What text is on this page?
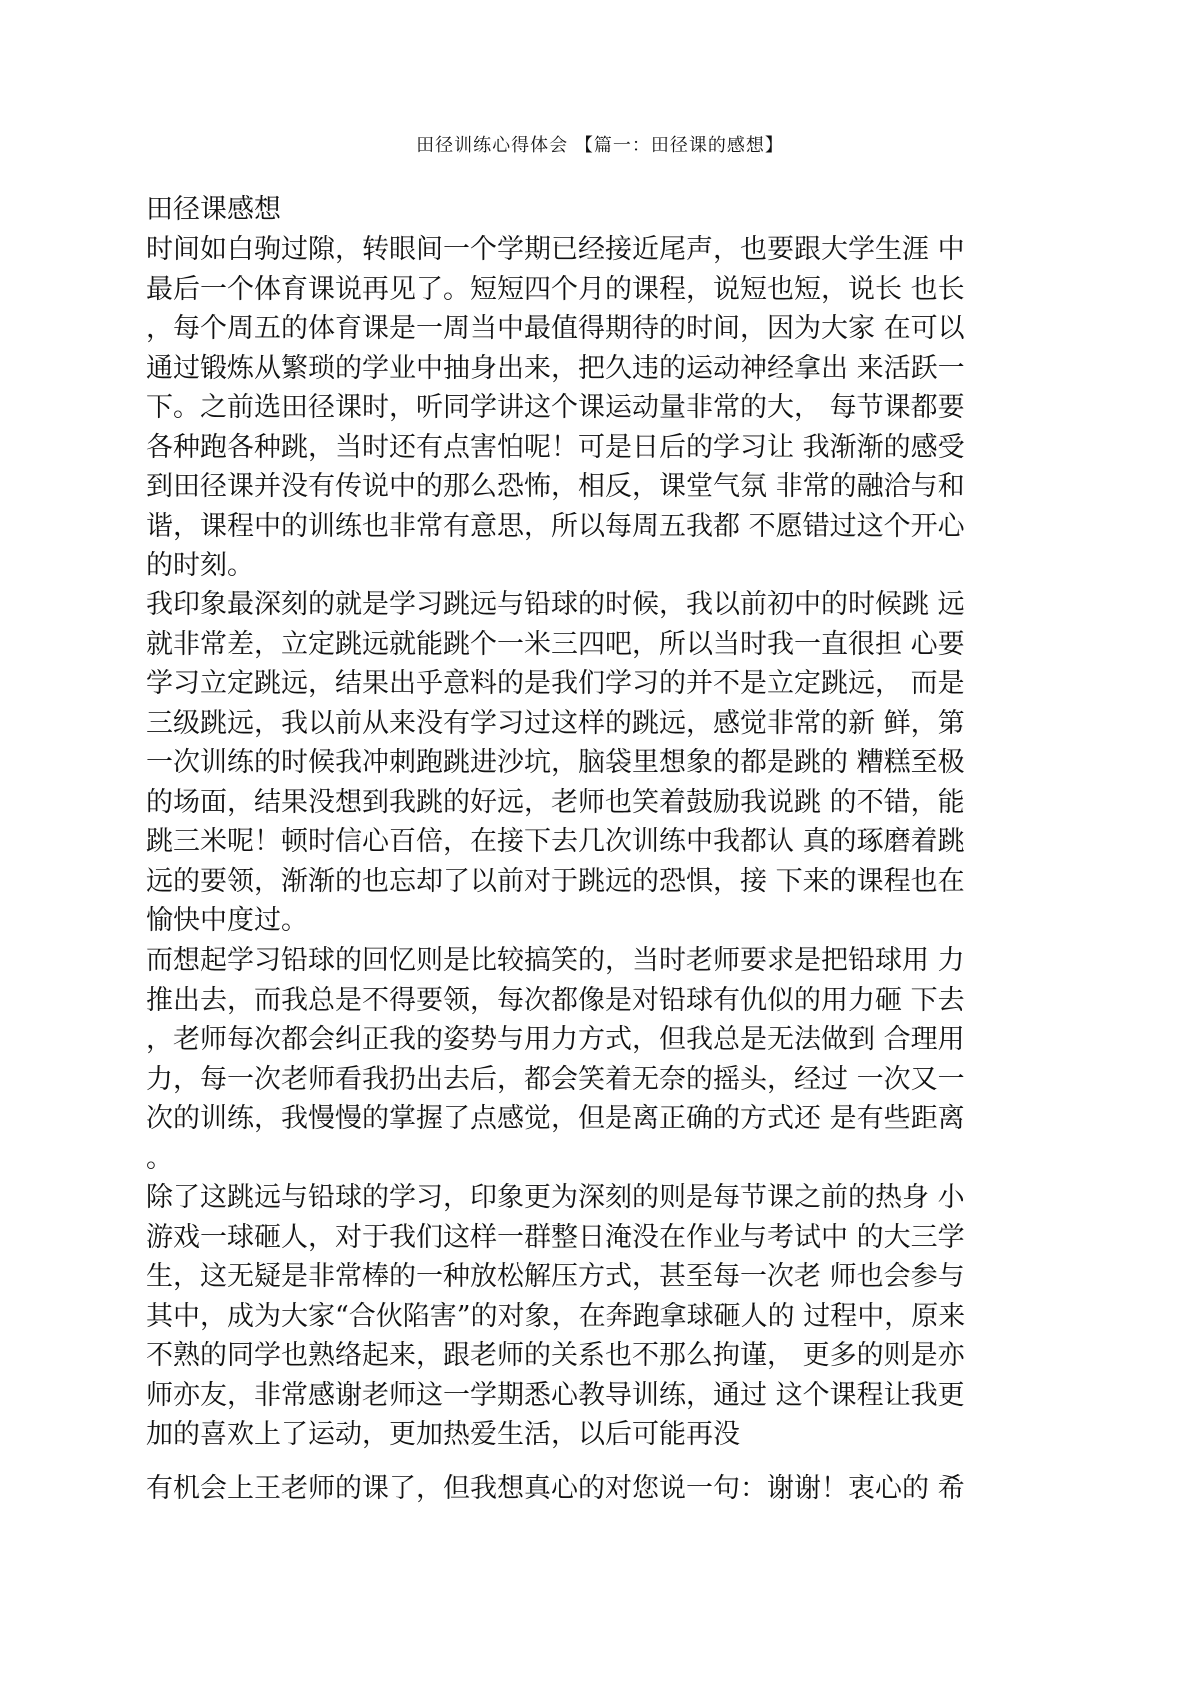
田径训练心得体会 【篇一：田径课的感想】
田径课感想
时间如白驹过隙，转眼间一个学期已经接近尾声，也要跟大学生涯 中
最后一个体育课说再见了。短短四个月的课程，说短也短，说长 也长
，每个周五的体育课是一周当中最值得期待的时间，因为大家 在可以
通过锻炼从繁琐的学业中抽身出来，把久违的运动神经拿出 来活跃一
下。之前选田径课时，听同学讲这个课运动量非常的大， 每节课都要
各种跑各种跳，当时还有点害怕呢！可是日后的学习让 我渐渐的感受
到田径课并没有传说中的那么恐怖，相反，课堂气氛 非常的融洽与和
谐，课程中的训练也非常有意思，所以每周五我都 不愿错过这个开心
的时刻。
我印象最深刻的就是学习跳远与铅球的时候，我以前初中的时候跳 远
就非常差，立定跳远就能跳个一米三四吧，所以当时我一直很担 心要
学习立定跳远，结果出乎意料的是我们学习的并不是立定跳远， 而是
三级跳远，我以前从来没有学习过这样的跳远，感觉非常的新 鲜，第
一次训练的时候我冲刺跑跳进沙坑，脑袋里想象的都是跳的 糟糕至极
的场面，结果没想到我跳的好远，老师也笑着鼓励我说跳 的不错，能
跳三米呢！顿时信心百倍，在接下去几次训练中我都认 真的琢磨着跳
远的要领，渐渐的也忘却了以前对于跳远的恐惧，接 下来的课程也在
愉快中度过。
而想起学习铅球的回忆则是比较搞笑的，当时老师要求是把铅球用 力
推出去，而我总是不得要领，每次都像是对铅球有仇似的用力砸 下去
，老师每次都会纠正我的姿势与用力方式，但我总是无法做到 合理用
力，每一次老师看我扔出去后，都会笑着无奈的摇头，经过 一次又一
次的训练，我慢慢的掌握了点感觉，但是离正确的方式还 是有些距离
。
除了这跳远与铅球的学习，印象更为深刻的则是每节课之前的热身 小
游戏一球砸人，对于我们这样一群整日淹没在作业与考试中 的大三学
生，这无疑是非常棒的一种放松解压方式，甚至每一次老 师也会参与
其中，成为大家“合伙陷害”的对象，在奔跑拿球砸人的 过程中，原来
不熟的同学也熟络起来，跟老师的关系也不那么拘谨， 更多的则是亦
师亦友，非常感谢老师这一学期悉心教导训练，通过 这个课程让我更
加的喜欢上了运动，更加热爱生活，以后可能再没
有机会上王老师的课了，但我想真心的对您说一句：谢谢！衷心的 希
